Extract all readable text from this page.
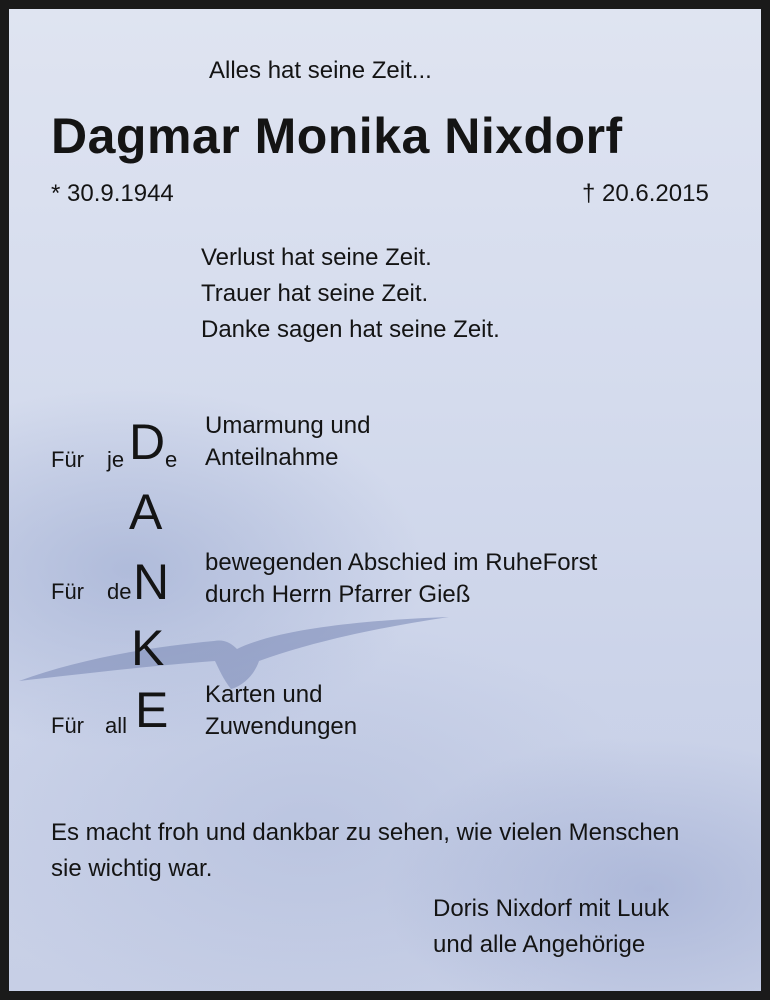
Alles hat seine Zeit...
Dagmar Monika Nixdorf
* 30.9.1944	† 20.6.2015
Verlust hat seine Zeit.
Trauer hat seine Zeit.
Danke sagen hat seine Zeit.
Für je D e
Umarmung und
Anteilnahme
A
Für de N bewegenden Abschied im RuheForst
durch Herrn Pfarrer Gieß
K
Für all E Karten und
Zuwendungen
Es macht froh und dankbar zu sehen, wie vielen Menschen
sie wichtig war.
Doris Nixdorf mit Luuk
und alle Angehörige
